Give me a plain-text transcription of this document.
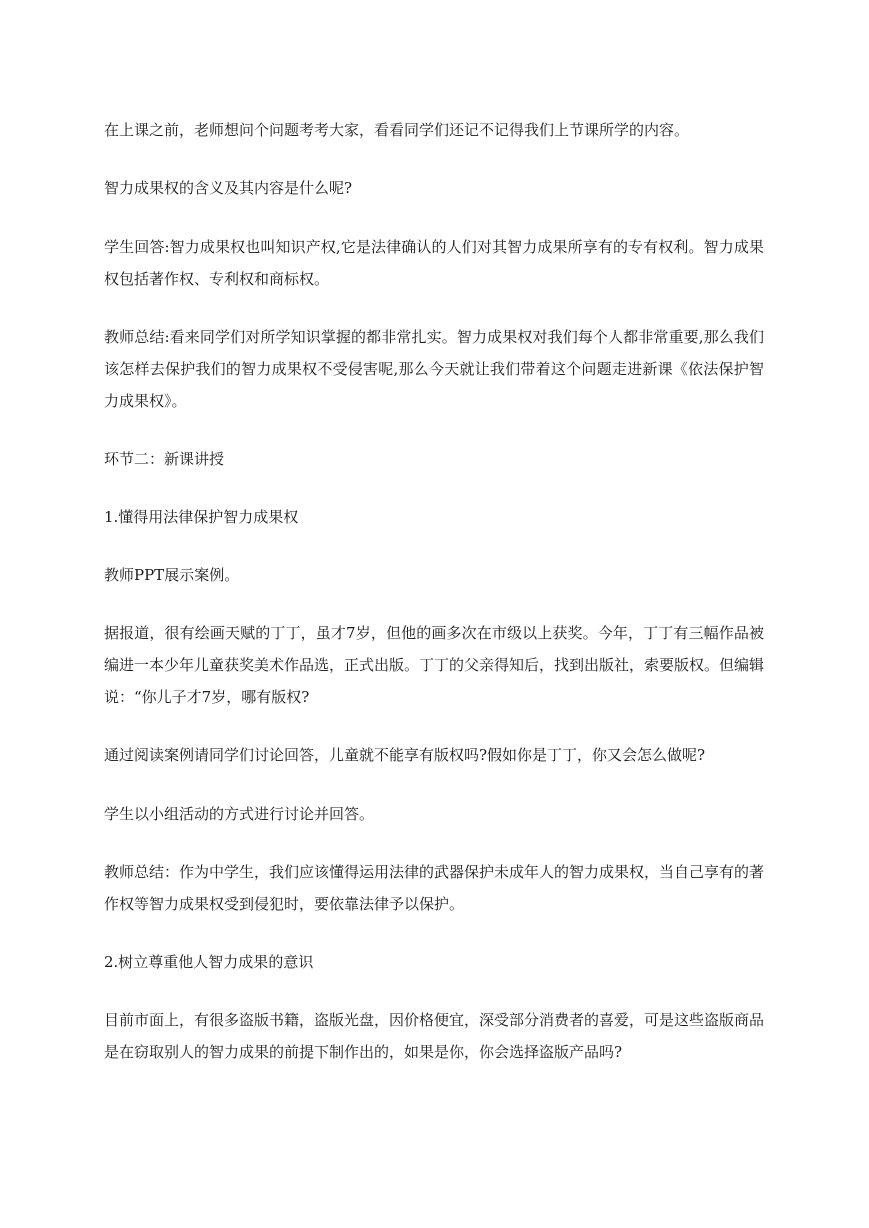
在上课之前，老师想问个问题考考大家，看看同学们还记不记得我们上节课所学的内容。

智力成果权的含义及其内容是什么呢?

学生回答:智力成果权也叫知识产权,它是法律确认的人们对其智力成果所享有的专有权利。智力成果权包括著作权、专利权和商标权。

教师总结:看来同学们对所学知识掌握的都非常扎实。智力成果权对我们每个人都非常重要,那么我们该怎样去保护我们的智力成果权不受侵害呢,那么今天就让我们带着这个问题走进新课《依法保护智力成果权》。

环节二：新课讲授

1.懂得用法律保护智力成果权

教师PPT展示案例。

据报道，很有绘画天赋的丁丁，虽才7岁，但他的画多次在市级以上获奖。今年，丁丁有三幅作品被编进一本少年儿童获奖美术作品选，正式出版。丁丁的父亲得知后，找到出版社，索要版权。但编辑说：“你儿子才7岁，哪有版权?

通过阅读案例请同学们讨论回答，儿童就不能享有版权吗?假如你是丁丁，你又会怎么做呢?

学生以小组活动的方式进行讨论并回答。

教师总结：作为中学生，我们应该懂得运用法律的武器保护未成年人的智力成果权，当自己享有的著作权等智力成果权受到侵犯时，要依靠法律予以保护。

2.树立尊重他人智力成果的意识

目前市面上，有很多盗版书籍，盗版光盘，因价格便宜，深受部分消费者的喜爱，可是这些盗版商品是在窃取别人的智力成果的前提下制作出的，如果是你，你会选择盗版产品吗?
